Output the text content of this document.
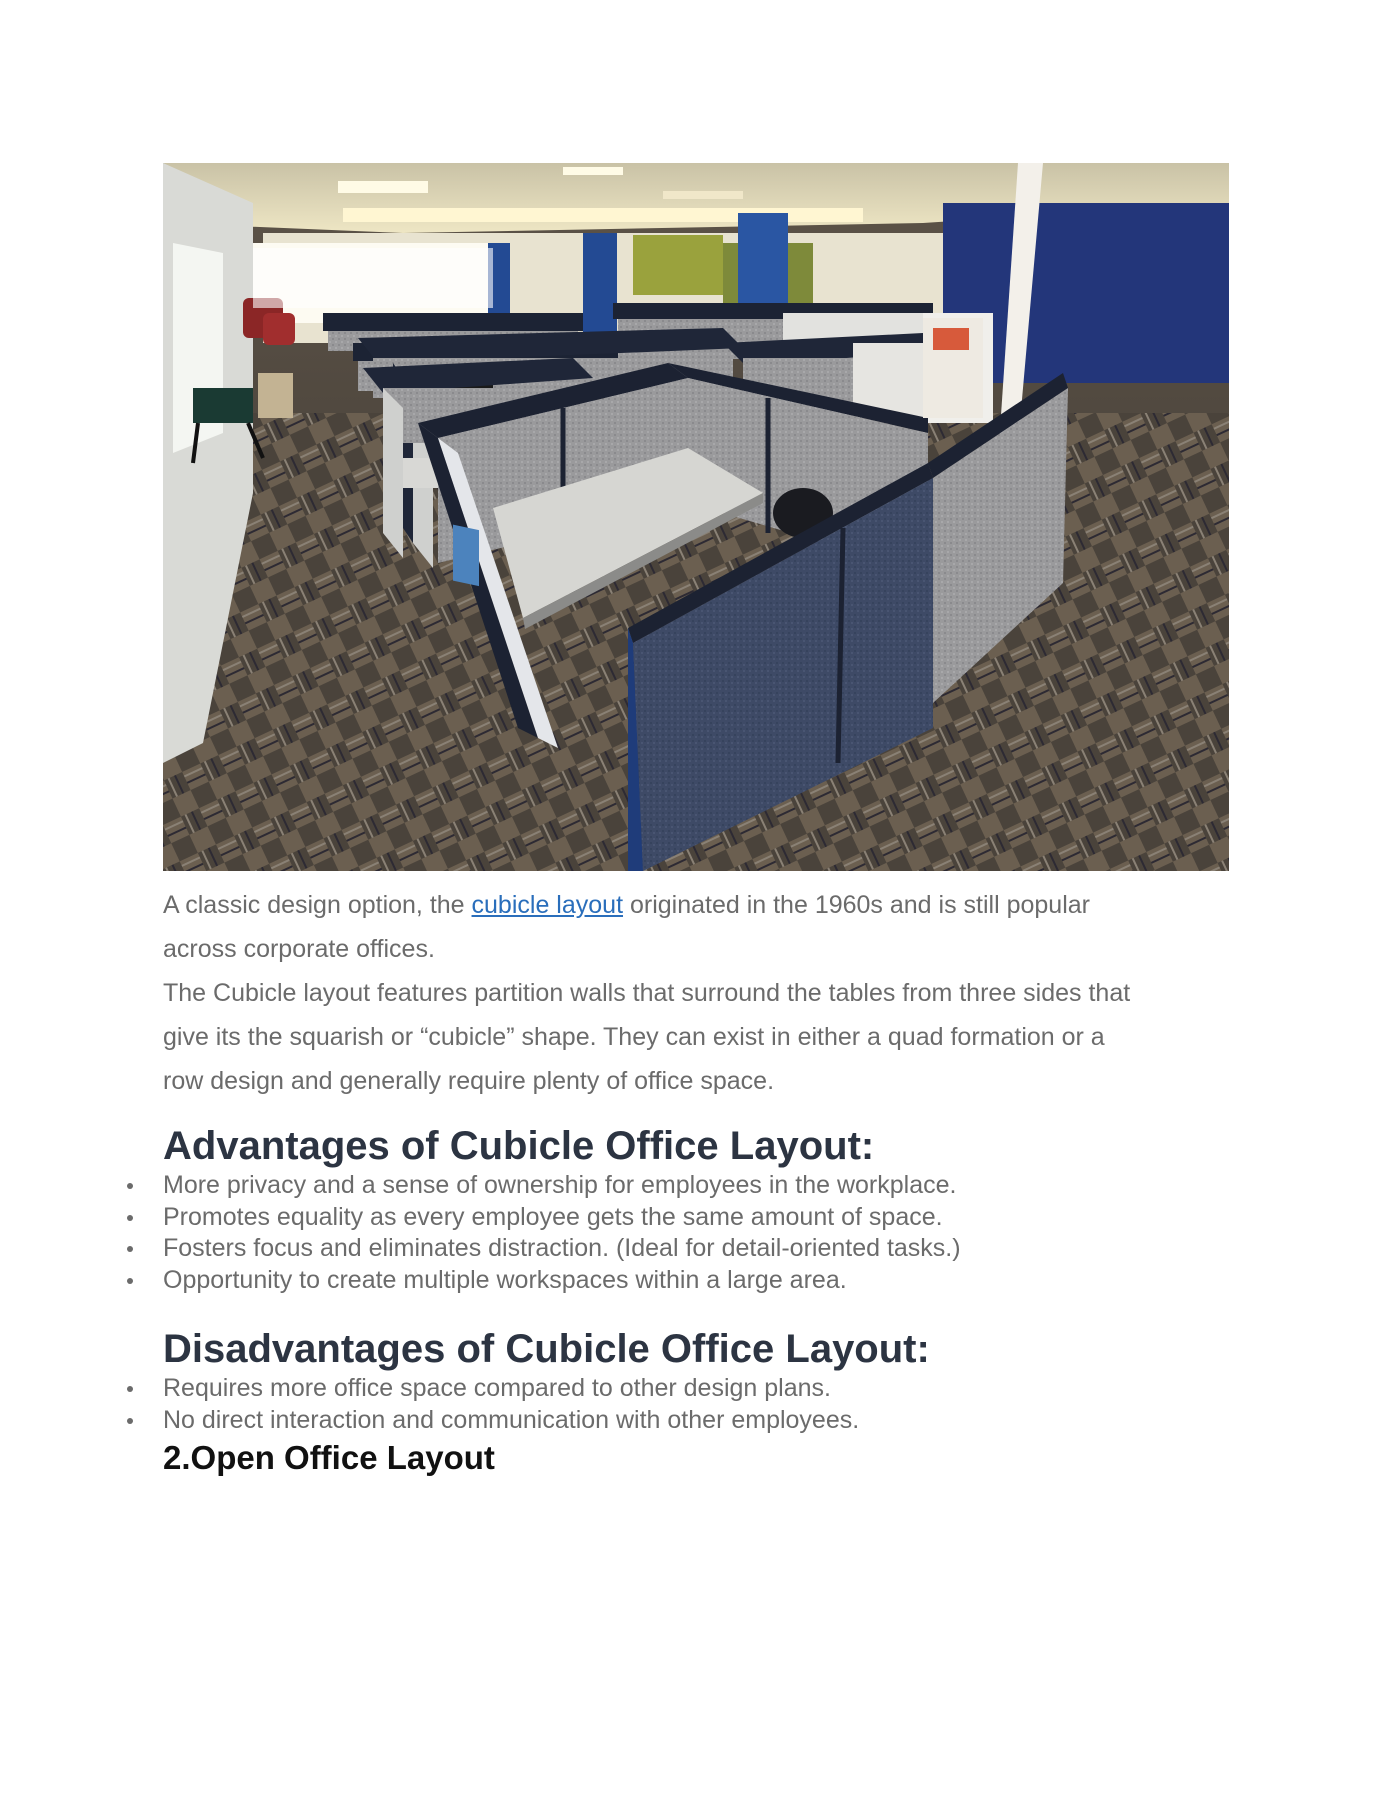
A classic design option, the cubicle layout originated in the 1960s and is still popular

across corporate offices.

The Cubicle layout features partition walls that surround the tables from three sides that

give its the squarish or “cubicle” shape. They can exist in either a quad formation or a

row design and generally require plenty of office space.

Advantages of Cubicle Office Layout:
More privacy and a sense of ownership for employees in the workplace.
Promotes equality as every employee gets the same amount of space.
Fosters focus and eliminates distraction. (Ideal for detail-oriented tasks.)
Opportunity to create multiple workspaces within a large area.
Disadvantages of Cubicle Office Layout:
Requires more office space compared to other design plans.
No direct interaction and communication with other employees.
2.Open Office Layout
